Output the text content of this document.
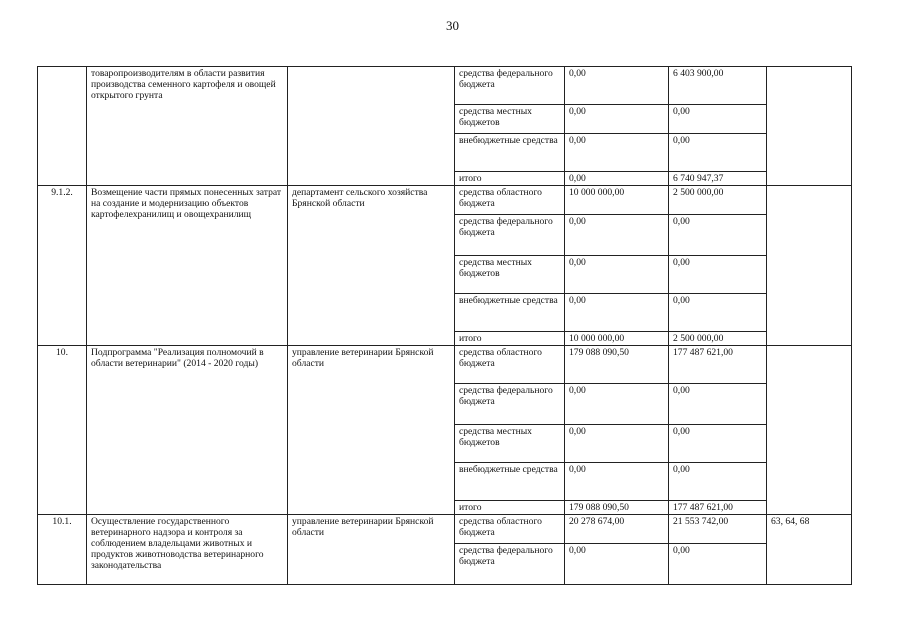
30
	товаропроизводителям в области развития производства семенного картофеля и овощей открытого грунта		средства федерального бюджета	0,00	6 403 900,00	
			средства местных бюджетов	0,00	0,00	
			внебюджетные средства	0,00	0,00	
			итого	0,00	6 740 947,37	
9.1.2.	Возмещение части прямых понесенных затрат на создание и модернизацию объектов картофелехранилищ и овощехранилищ	департамент сельского хозяйства Брянской области	средства областного бюджета	10 000 000,00	2 500 000,00	
			средства федерального бюджета	0,00	0,00	
			средства местных бюджетов	0,00	0,00	
			внебюджетные средства	0,00	0,00	
			итого	10 000 000,00	2 500 000,00	
10.	Подпрограмма "Реализация полномочий в области ветеринарии" (2014 - 2020 годы)	управление ветеринарии Брянской области	средства областного бюджета	179 088 090,50	177 487 621,00	
			средства федерального бюджета	0,00	0,00	
			средства местных бюджетов	0,00	0,00	
			внебюджетные средства	0,00	0,00	
			итого	179 088 090,50	177 487 621,00	
10.1.	Осуществление государственного ветеринарного надзора и контроля за соблюдением владельцами животных и продуктов животноводства ветеринарного законодательства	управление ветеринарии Брянской области	средства областного бюджета	20 278 674,00	21 553 742,00	63, 64, 68
			средства федерального бюджета	0,00	0,00	
